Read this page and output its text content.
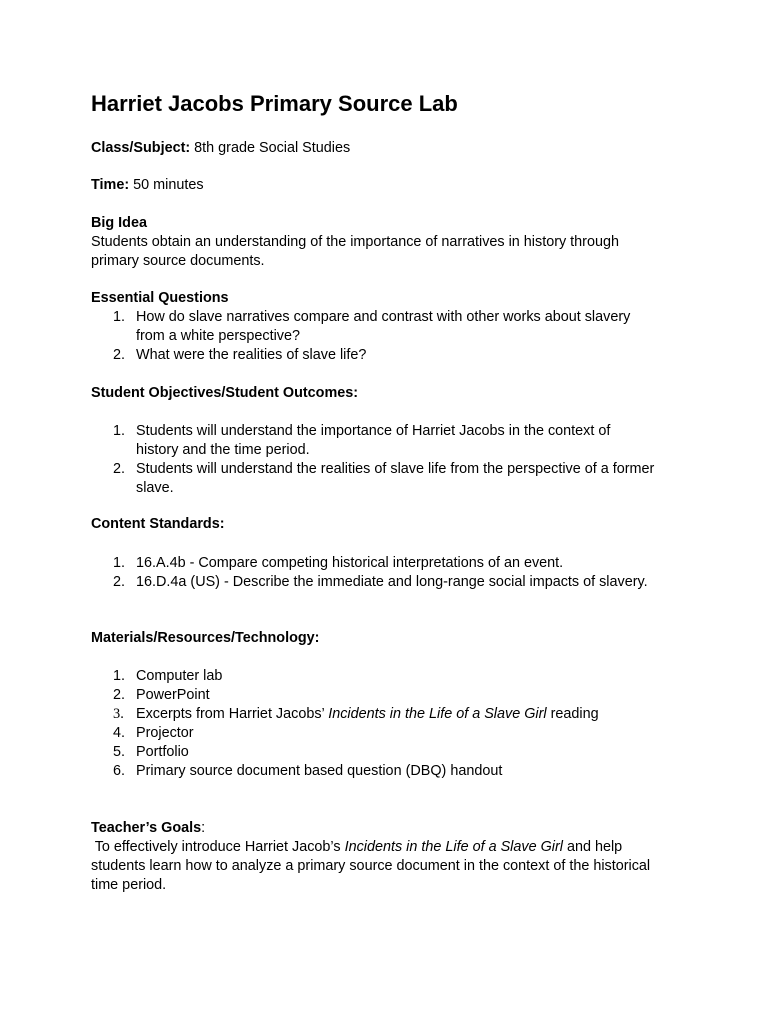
Harriet Jacobs Primary Source Lab
Class/Subject: 8th grade Social Studies
Time: 50 minutes
Big Idea
Students obtain an understanding of the importance of narratives in history through
primary source documents.
Essential Questions
1. How do slave narratives compare and contrast with other works about slavery
from a white perspective?
2. What were the realities of slave life?
Student Objectives/Student Outcomes:
1. Students will understand the importance of Harriet Jacobs in the context of
history and the time period.
2. Students will understand the realities of slave life from the perspective of a former
slave.
Content Standards:
1. 16.A.4b - Compare competing historical interpretations of an event.
2. 16.D.4a (US) - Describe the immediate and long-range social impacts of slavery.
Materials/Resources/Technology:
1. Computer lab
2. PowerPoint
3. Excerpts from Harriet Jacobs’ Incidents in the Life of a Slave Girl reading
4. Projector
5. Portfolio
6. Primary source document based question (DBQ) handout
Teacher’s Goals:
To effectively introduce Harriet Jacob’s Incidents in the Life of a Slave Girl and help
students learn how to analyze a primary source document in the context of the historical
time period.
